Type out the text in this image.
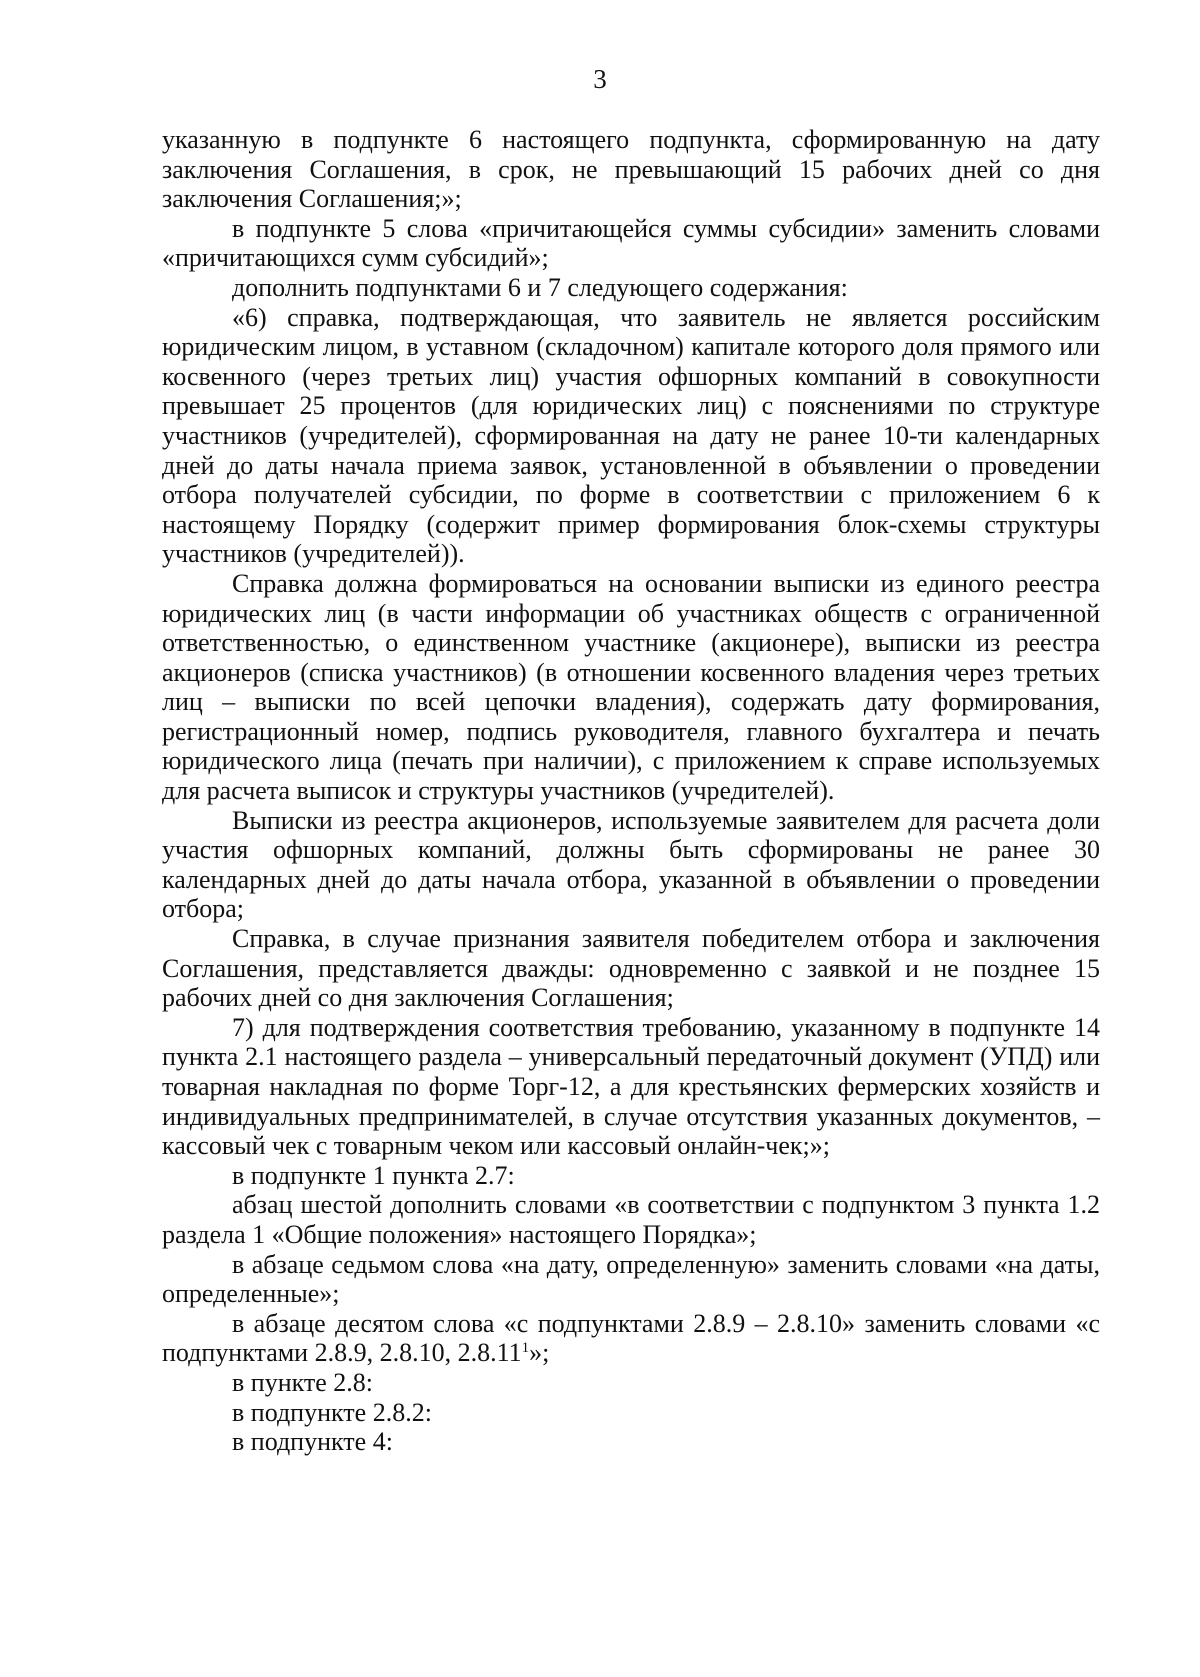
3

указанную в подпункте 6 настоящего подпункта, сформированную на дату заключения Соглашения, в срок, не превышающий 15 рабочих дней со дня заключения Соглашения;»;

в подпункте 5 слова «причитающейся суммы субсидии» заменить словами «причитающихся сумм субсидий»;

дополнить подпунктами 6 и 7 следующего содержания:

«6) справка, подтверждающая, что заявитель не является российским юридическим лицом, в уставном (складочном) капитале которого доля прямого или косвенного (через третьих лиц) участия офшорных компаний в совокупности превышает 25 процентов (для юридических лиц) с пояснениями по структуре участников (учредителей), сформированная на дату не ранее 10-ти календарных дней до даты начала приема заявок, установленной в объявлении о проведении отбора получателей субсидии, по форме в соответствии с приложением 6 к настоящему Порядку (содержит пример формирования блок-схемы структуры участников (учредителей)).

Справка должна формироваться на основании выписки из единого реестра юридических лиц (в части информации об участниках обществ с ограниченной ответственностью, о единственном участнике (акционере), выписки из реестра акционеров (списка участников) (в отношении косвенного владения через третьих лиц – выписки по всей цепочки владения), содержать дату формирования, регистрационный номер, подпись руководителя, главного бухгалтера и печать юридического лица (печать при наличии), с приложением к справе используемых для расчета выписок и структуры участников (учредителей).

Выписки из реестра акционеров, используемые заявителем для расчета доли участия офшорных компаний, должны быть сформированы не ранее 30 календарных дней до даты начала отбора, указанной в объявлении о проведении отбора;

Справка, в случае признания заявителя победителем отбора и заключения Соглашения, представляется дважды: одновременно с заявкой и не позднее 15 рабочих дней со дня заключения Соглашения;

7) для подтверждения соответствия требованию, указанному в подпункте 14 пункта 2.1 настоящего раздела – универсальный передаточный документ (УПД) или товарная накладная по форме Торг-12, а для крестьянских фермерских хозяйств и индивидуальных предпринимателей, в случае отсутствия указанных документов, – кассовый чек с товарным чеком или кассовый онлайн-чек;»;

в подпункте 1 пункта 2.7:

абзац шестой дополнить словами «в соответствии с подпунктом 3 пункта 1.2 раздела 1 «Общие положения» настоящего Порядка»;

в абзаце седьмом слова «на дату, определенную» заменить словами «на даты, определенные»;

в абзаце десятом слова «с подпунктами 2.8.9 – 2.8.10» заменить словами «с подпунктами 2.8.9, 2.8.10, 2.8.11$^1$»;

в пункте 2.8:

в подпункте 2.8.2:

в подпункте 4:
